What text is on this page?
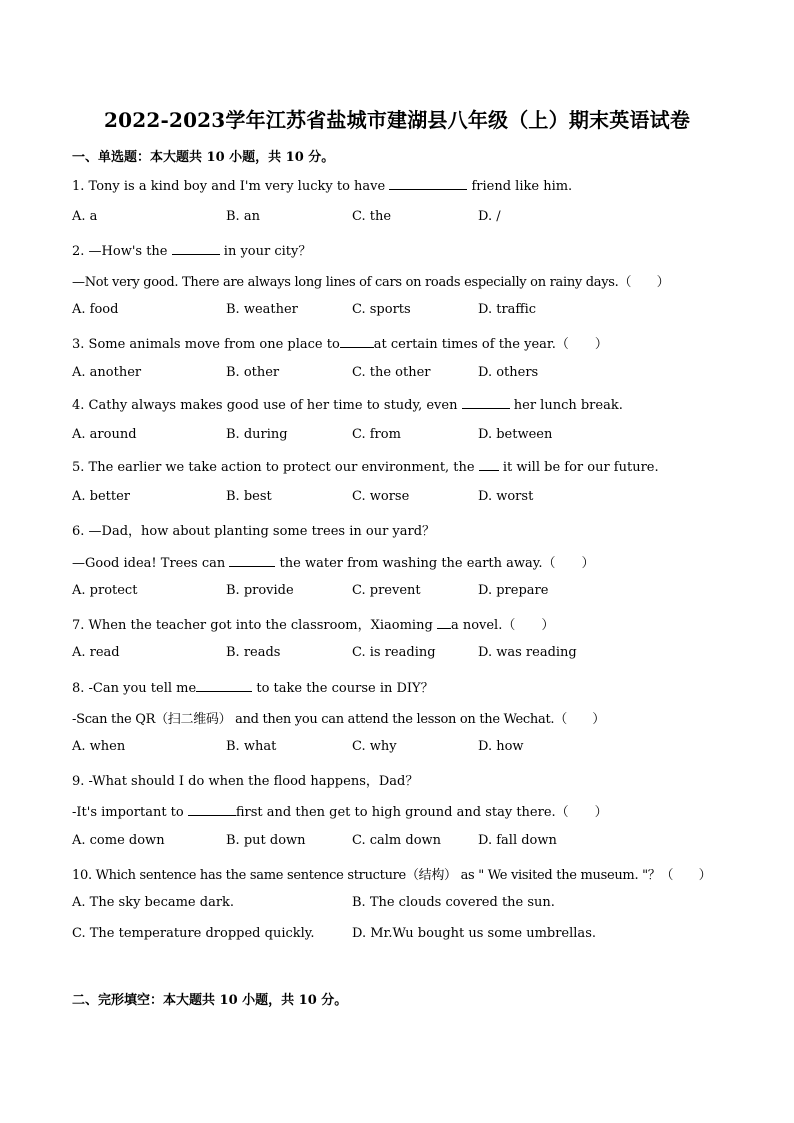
2022-2023学年江苏省盐城市建湖县八年级（上）期末英语试卷
一、单选题：本大题共 10 小题，共 10 分。
1. Tony is a kind boy and I'm very lucky to have	friend like him.
A. a	B. an	C. the	D. /
2. —How's the	in your city？
—Not very good. There are always long lines of cars on roads especially on rainy days.（　　）
A. food	B. weather	C. sports	D. traffic
3. Some animals move from one place to	at certain times of the year.（　　）
A. another	B. other	C. the other	D. others
4. Cathy always makes good use of her time to study, even	her lunch break.
A. around	B. during	C. from	D. between
5. The earlier we take action to protect our environment, the it will be for our future.
A. better	B. best	C. worse	D. worst
6. —Dad，how about planting some trees in our yard？
—Good idea! Trees can	the water from washing the earth away.（　　）
A. protect	B. provide	C. prevent	D. prepare
7. When the teacher got into the classroom，Xiaoming a novel.（　　）
A. read	B. reads	C. is reading	D. was reading
8. -Can you tell me	to take the course in DIY？
-Scan the QR（扫二维码） and then you can attend the lesson on the Wechat.（　　）
A. when	B. what	C. why	D. how
9. -What should I do when the flood happens，Dad？
-It's important to	first and then get to high ground and stay there.（　　）
A. come down	B. put down	C. calm down	D. fall down
10. Which sentence has the same sentence structure（结构） as " We visited the museum. "？（　　）
A. The sky became dark.	B. The clouds covered the sun.
C. The temperature dropped quickly.	D. Mr.Wu bought us some umbrellas.
二、完形填空：本大题共 10 小题，共 10 分。
